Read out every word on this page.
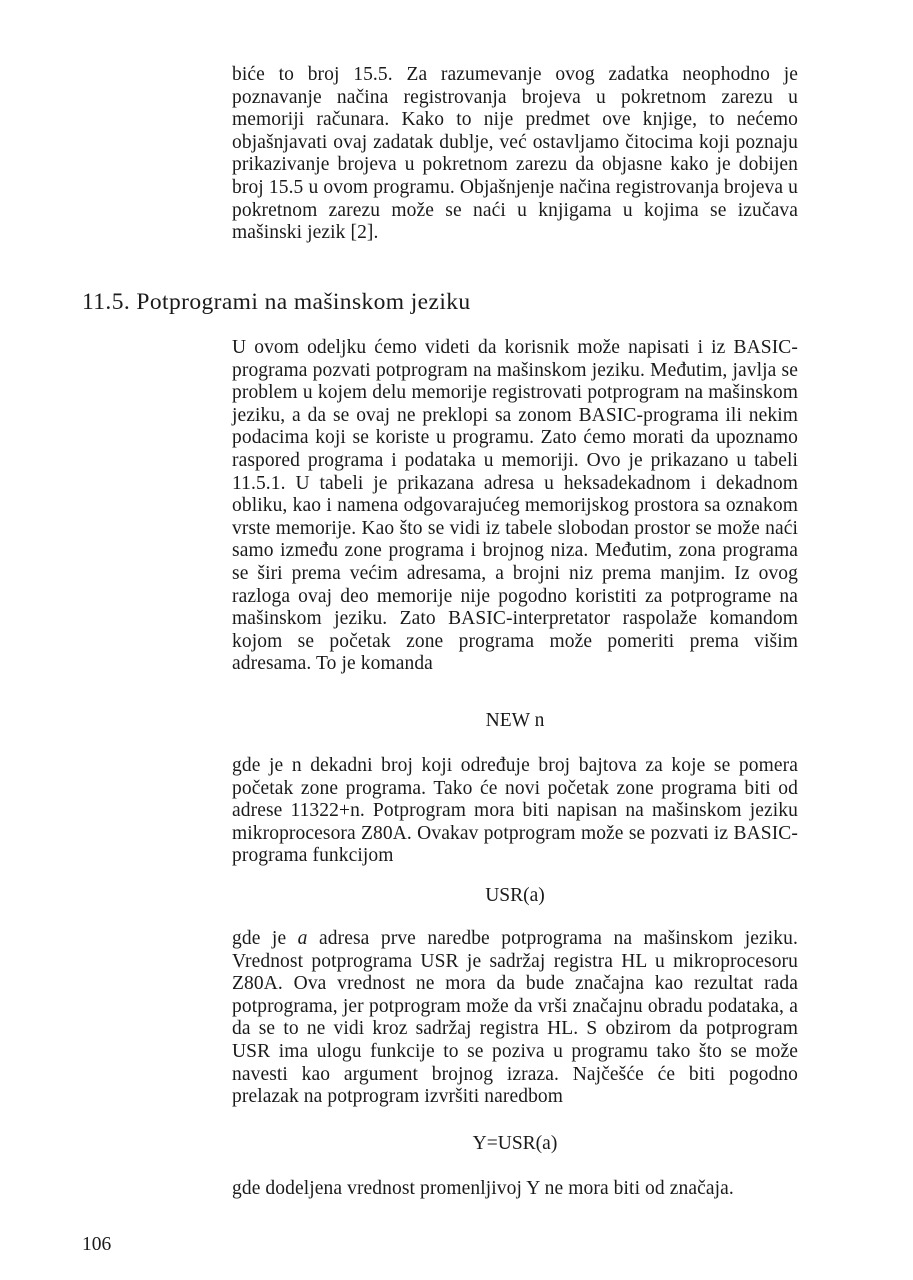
biće to broj 15.5. Za razumevanje ovog zadatka neophodno je poznavanje načina registrovanja brojeva u pokretnom zarezu u memoriji računara. Kako to nije predmet ove knjige, to nećemo objašnjavati ovaj zadatak dublje, već ostavljamo čitocima koji poznaju prikazivanje brojeva u pokretnom zarezu da objasne kako je dobijen broj 15.5 u ovom programu. Objašnjenje načina registrovanja brojeva u pokretnom zarezu može se naći u knjigama u kojima se izučava mašinski jezik [2].

11.5. Potprogrami na mašinskom jeziku

U ovom odeljku ćemo videti da korisnik može napisati i iz BASIC-programa pozvati potprogram na mašinskom jeziku. Međutim, javlja se problem u kojem delu memorije registrovati potprogram na mašinskom jeziku, a da se ovaj ne preklopi sa zonom BASIC-programa ili nekim podacima koji se koriste u programu. Zato ćemo morati da upoznamo raspored programa i podataka u memoriji. Ovo je prikazano u tabeli 11.5.1. U tabeli je prikazana adresa u heksadekadnom i dekadnom obliku, kao i namena odgovarajućeg memorijskog prostora sa oznakom vrste memorije. Kao što se vidi iz tabele slobodan prostor se može naći samo između zone programa i brojnog niza. Međutim, zona programa se širi prema većim adresama, a brojni niz prema manjim. Iz ovog razloga ovaj deo memorije nije pogodno koristiti za potprograme na mašinskom jeziku. Zato BASIC-interpretator raspolaže komandom kojom se početak zone programa može pomeriti prema višim adresama. To je komanda

NEW n

gde je n dekadni broj koji određuje broj bajtova za koje se pomera početak zone programa. Tako će novi početak zone programa biti od adrese 11322+n. Potprogram mora biti napisan na mašinskom jeziku mikroprocesora Z80A. Ovakav potprogram može se pozvati iz BASIC-programa funkcijom

USR(a)

gde je a adresa prve naredbe potprograma na mašinskom jeziku. Vrednost potprograma USR je sadržaj registra HL u mikroprocesoru Z80A. Ova vrednost ne mora da bude značajna kao rezultat rada potprograma, jer potprogram može da vrši značajnu obradu podataka, a da se to ne vidi kroz sadržaj registra HL. S obzirom da potprogram USR ima ulogu funkcije to se poziva u programu tako što se može navesti kao argument brojnog izraza. Najčešće će biti pogodno prelazak na potprogram izvršiti naredbom

Y=USR(a)

gde dodeljena vrednost promenljivoj Y ne mora biti od značaja.

106
